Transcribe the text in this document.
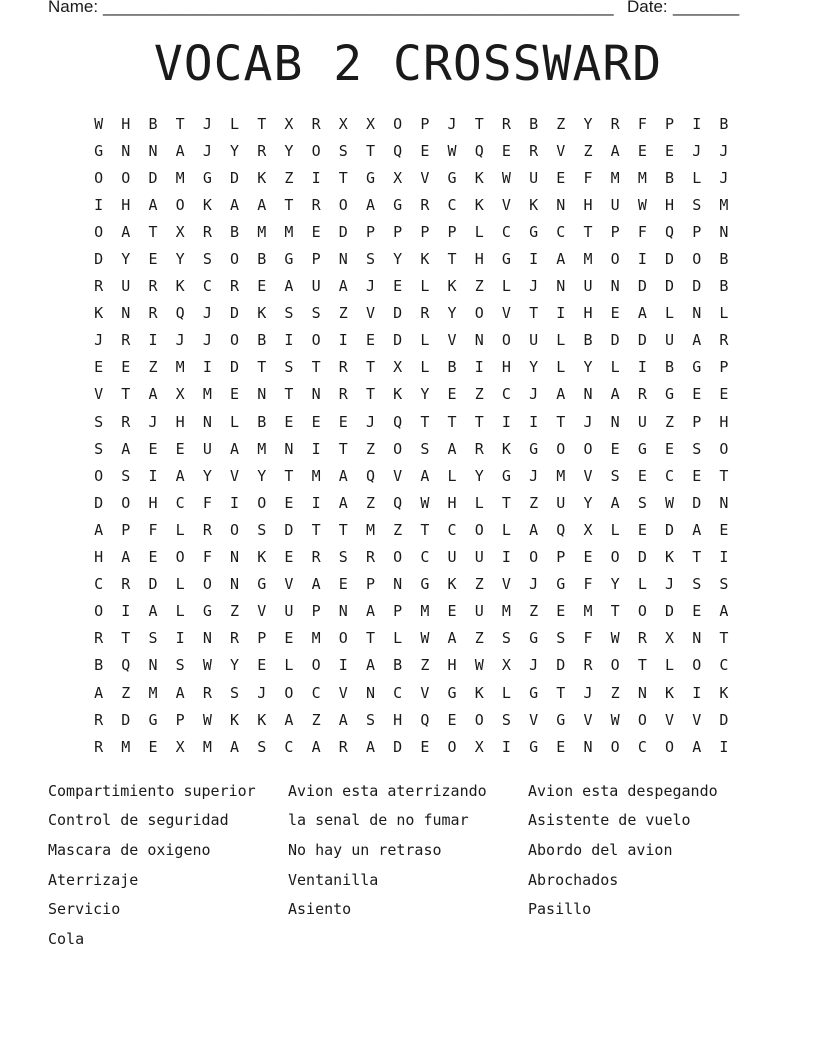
Name:

______________________________________________________

Date:

_______

VOCAB 2 CROSSWARD
W	H	B	T	J	L	T	X	R	X	X	O	P	J	T	R	B	Z	Y	R	F	P	I	B
G	N	N	A	J	Y	R	Y	O	S	T	Q	E	W	Q	E	R	V	Z	A	E	E	J	J
O	O	D	M	G	D	K	Z	I	T	G	X	V	G	K	W	U	E	F	M	M	B	L	J
I	H	A	O	K	A	A	T	R	O	A	G	R	C	K	V	K	N	H	U	W	H	S	M
O	A	T	X	R	B	M	M	E	D	P	P	P	P	L	C	G	C	T	P	F	Q	P	N
D	Y	E	Y	S	O	B	G	P	N	S	Y	K	T	H	G	I	A	M	O	I	D	O	B
R	U	R	K	C	R	E	A	U	A	J	E	L	K	Z	L	J	N	U	N	D	D	D	B
K	N	R	Q	J	D	K	S	S	Z	V	D	R	Y	O	V	T	I	H	E	A	L	N	L
J	R	I	J	J	O	B	I	O	I	E	D	L	V	N	O	U	L	B	D	D	U	A	R
E	E	Z	M	I	D	T	S	T	R	T	X	L	B	I	H	Y	L	Y	L	I	B	G	P
V	T	A	X	M	E	N	T	N	R	T	K	Y	E	Z	C	J	A	N	A	R	G	E	E
S	R	J	H	N	L	B	E	E	E	J	Q	T	T	T	I	I	T	J	N	U	Z	P	H
S	A	E	E	U	A	M	N	I	T	Z	O	S	A	R	K	G	O	O	E	G	E	S	O
O	S	I	A	Y	V	Y	T	M	A	Q	V	A	L	Y	G	J	M	V	S	E	C	E	T
D	O	H	C	F	I	O	E	I	A	Z	Q	W	H	L	T	Z	U	Y	A	S	W	D	N
A	P	F	L	R	O	S	D	T	T	M	Z	T	C	O	L	A	Q	X	L	E	D	A	E
H	A	E	O	F	N	K	E	R	S	R	O	C	U	U	I	O	P	E	O	D	K	T	I
C	R	D	L	O	N	G	V	A	E	P	N	G	K	Z	V	J	G	F	Y	L	J	S	S
O	I	A	L	G	Z	V	U	P	N	A	P	M	E	U	M	Z	E	M	T	O	D	E	A
R	T	S	I	N	R	P	E	M	O	T	L	W	A	Z	S	G	S	F	W	R	X	N	T
B	Q	N	S	W	Y	E	L	O	I	A	B	Z	H	W	X	J	D	R	O	T	L	O	C
A	Z	M	A	R	S	J	O	C	V	N	C	V	G	K	L	G	T	J	Z	N	K	I	K
R	D	G	P	W	K	K	A	Z	A	S	H	Q	E	O	S	V	G	V	W	O	V	V	D
R	M	E	X	M	A	S	C	A	R	A	D	E	O	X	I	G	E	N	O	C	O	A	I
Compartimiento superior	Avion esta aterrizando	Avion esta despegando
Control de seguridad	la senal de no fumar	Asistente de vuelo
Mascara de oxigeno	No hay un retraso	Abordo del avion
Aterrizaje	Ventanilla	Abrochados
Servicio	Asiento	Pasillo
Cola
